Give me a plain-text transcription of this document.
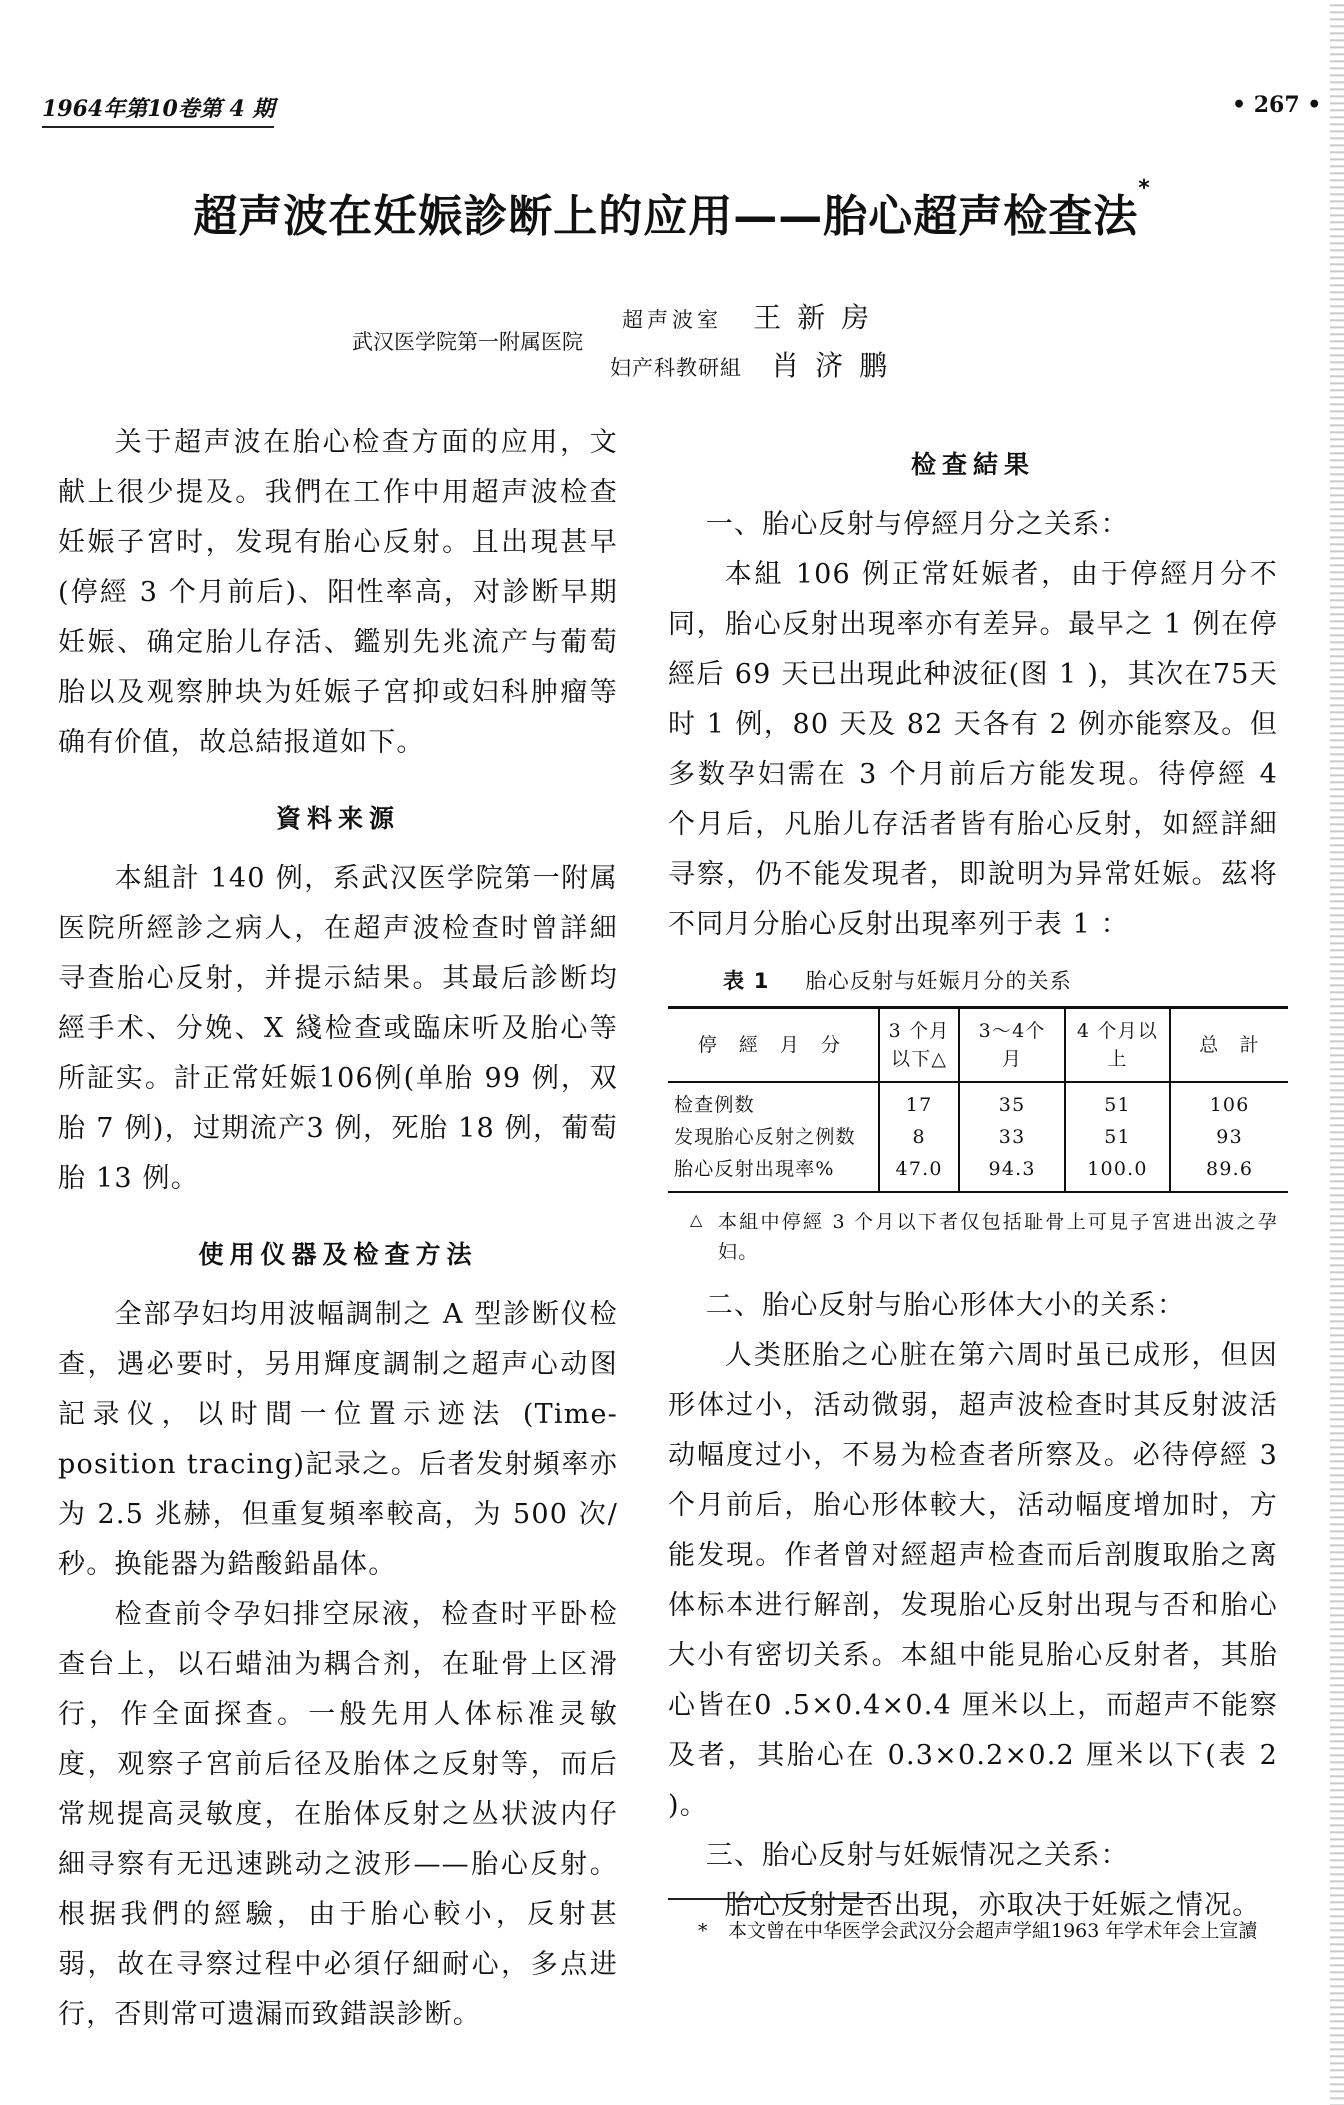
1964年第10卷第 4 期	• 267 •
超声波在妊娠診断上的应用——胎心超声检查法*
武汉医学院第一附属医院
超声波室 王新房
妇产科教研組 肖济鹏

关于超声波在胎心检查方面的应用，文献上很少提及。我們在工作中用超声波检查妊娠子宮时，发現有胎心反射。且出現甚早(停經 3 个月前后)、阳性率高，对診断早期妊娠、确定胎儿存活、鑑别先兆流产与葡萄胎以及观察肿块为妊娠子宮抑或妇科肿瘤等确有价值，故总結报道如下。

資料来源

本組計 140 例，系武汉医学院第一附属医院所經診之病人，在超声波检查时曾詳細寻查胎心反射，并提示結果。其最后診断均經手术、分娩、X 綫检查或臨床听及胎心等所証实。計正常妊娠106例(单胎 99 例，双胎 7 例)，过期流产3 例，死胎 18 例，葡萄胎 13 例。

使用仪器及检查方法

全部孕妇均用波幅調制之 A 型診断仪检查，遇必要时，另用輝度調制之超声心动图記录仪，以时間一位置示迹法 (Time-position tracing)記录之。后者发射頻率亦为 2.5 兆赫，但重复頻率較高，为 500 次/秒。换能器为鋯酸鉛晶体。

检查前令孕妇排空尿液，检查时平卧检查台上，以石蜡油为耦合剂，在耻骨上区滑行，作全面探查。一般先用人体标准灵敏度，观察子宮前后径及胎体之反射等，而后常规提高灵敏度，在胎体反射之丛状波内仔細寻察有无迅速跳动之波形——胎心反射。根据我們的經驗，由于胎心較小，反射甚弱，故在寻察过程中必須仔細耐心，多点进行，否則常可遗漏而致錯誤診断。

检查結果

一、胎心反射与停經月分之关系：

本組 106 例正常妊娠者，由于停經月分不同，胎心反射出現率亦有差异。最早之 1 例在停經后 69 天已出現此种波征(图 1 )，其次在75天时 1 例，80 天及 82 天各有 2 例亦能察及。但多数孕妇需在 3 个月前后方能发現。待停經 4 个月后，凡胎儿存活者皆有胎心反射，如經詳細寻察，仍不能发現者，即說明为异常妊娠。茲将不同月分胎心反射出現率列于表 1 ：

表 1 胎心反射与妊娠月分的关系
停 經 月 分	3 个月以下△	3～4个　月	4 个月以上	总　計
检查例数	17	35	51	106
发現胎心反射之例数	8	33	51	93
胎心反射出現率%	47.0	94.3	100.0	89.6
△ 本組中停經 3 个月以下者仅包括耻骨上可見子宮进出波之孕妇。

二、胎心反射与胎心形体大小的关系：

人类胚胎之心脏在第六周时虽已成形，但因形体过小，活动微弱，超声波检查时其反射波活动幅度过小，不易为检查者所察及。必待停經 3 个月前后，胎心形体較大，活动幅度增加时，方能发現。作者曾对經超声检查而后剖腹取胎之离体标本进行解剖，发現胎心反射出現与否和胎心大小有密切关系。本組中能見胎心反射者，其胎心皆在0 .5×0.4×0.4 厘米以上，而超声不能察及者，其胎心在 0.3×0.2×0.2 厘米以下(表 2 )。

三、胎心反射与妊娠情况之关系：

胎心反射是否出現，亦取决于妊娠之情况。

* 本文曾在中华医学会武汉分会超声学組1963 年学术年会上宣讀
